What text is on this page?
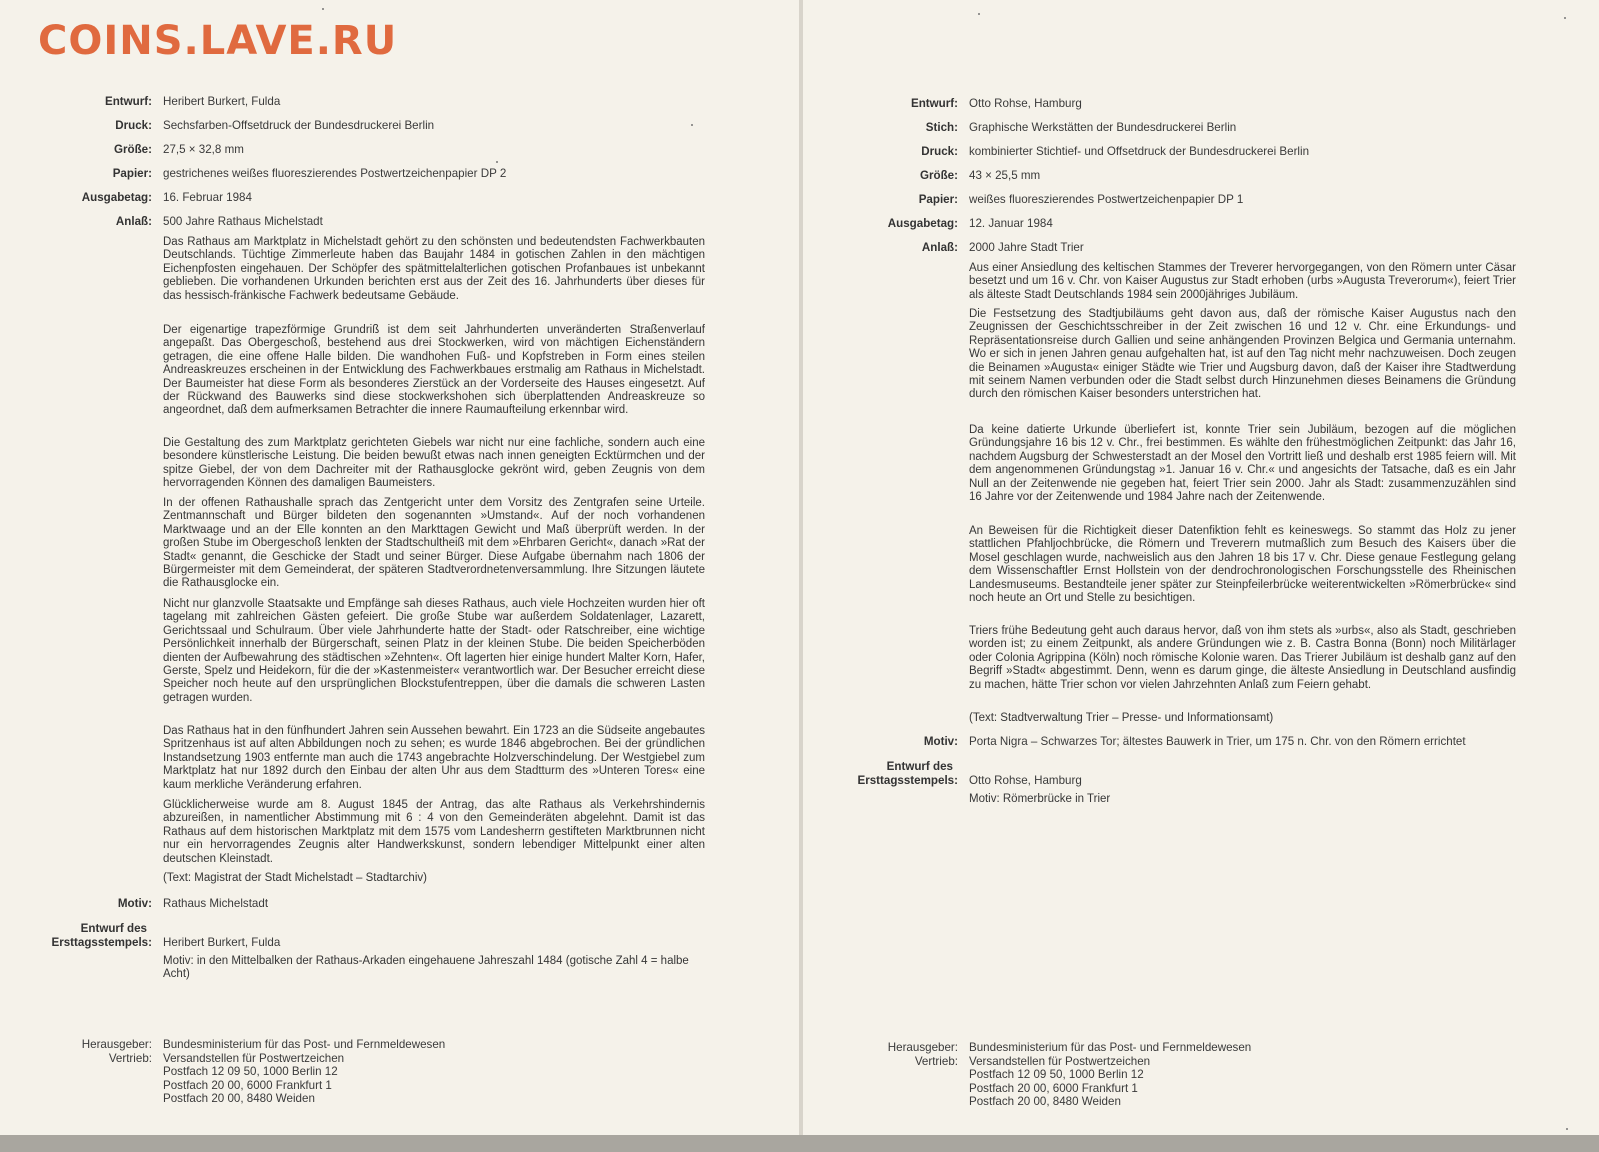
COINS.LAVE.RU
Entwurf: Heribert Burkert, Fulda
Druck: Sechsfarben-Offsetdruck der Bundesdruckerei Berlin
Größe: 27,5 × 32,8 mm
Papier: gestrichenes weißes fluoreszierendes Postwertzeichenpapier DP 2
Ausgabetag: 16. Februar 1984
Anlaß: 500 Jahre Rathaus Michelstadt
Das Rathaus am Marktplatz in Michelstadt gehört zu den schönsten und bedeutendsten Fachwerkbauten Deutschlands. Tüchtige Zimmerleute haben das Baujahr 1484 in gotischen Zahlen in den mächtigen Eichenpfosten eingehauen. Der Schöpfer des spätmittelalterlichen gotischen Profanbaues ist unbekannt geblieben. Die vorhandenen Urkunden berichten erst aus der Zeit des 16. Jahrhunderts über dieses für das hessisch-fränkische Fachwerk bedeutsame Gebäude.
Der eigenartige trapezförmige Grundriß ist dem seit Jahrhunderten unveränderten Straßenverlauf angepaßt. Das Obergeschoß, bestehend aus drei Stockwerken, wird von mächtigen Eichenständern getragen, die eine offene Halle bilden. Die wandhohen Fuß- und Kopfstreben in Form eines steilen Andreaskreuzes erscheinen in der Entwicklung des Fachwerkbaues erstmalig am Rathaus in Michelstadt. Der Baumeister hat diese Form als besonderes Zierstück an der Vorderseite des Hauses eingesetzt. Auf der Rückwand des Bauwerks sind diese stockwerkshohen sich überplattenden Andreaskreuze so angeordnet, daß dem aufmerksamen Betrachter die innere Raumaufteilung erkennbar wird.
Die Gestaltung des zum Marktplatz gerichteten Giebels war nicht nur eine fachliche, sondern auch eine besondere künstlerische Leistung. Die beiden bewußt etwas nach innen geneigten Ecktürmchen und der spitze Giebel, der von dem Dachreiter mit der Rathausglocke gekrönt wird, geben Zeugnis von dem hervorragenden Können des damaligen Baumeisters.
In der offenen Rathaushalle sprach das Zentgericht unter dem Vorsitz des Zentgrafen seine Urteile. Zentmannschaft und Bürger bildeten den sogenannten »Umstand«. Auf der noch vorhandenen Marktwaage und an der Elle konnten an den Markttagen Gewicht und Maß überprüft werden. In der großen Stube im Obergeschoß lenkten der Stadtschultheiß mit dem »Ehrbaren Gericht«, danach »Rat der Stadt« genannt, die Geschicke der Stadt und seiner Bürger. Diese Aufgabe übernahm nach 1806 der Bürgermeister mit dem Gemeinderat, der späteren Stadtverordnetenversammlung. Ihre Sitzungen läutete die Rathausglocke ein.
Nicht nur glanzvolle Staatsakte und Empfänge sah dieses Rathaus, auch viele Hochzeiten wurden hier oft tagelang mit zahlreichen Gästen gefeiert. Die große Stube war außerdem Soldatenlager, Lazarett, Gerichtssaal und Schulraum. Über viele Jahrhunderte hatte der Stadt- oder Ratschreiber, eine wichtige Persönlichkeit innerhalb der Bürgerschaft, seinen Platz in der kleinen Stube. Die beiden Speicherböden dienten der Aufbewahrung des städtischen »Zehnten«. Oft lagerten hier einige hundert Malter Korn, Hafer, Gerste, Spelz und Heidekorn, für die der »Kastenmeister« verantwortlich war. Der Besucher erreicht diese Speicher noch heute auf den ursprünglichen Blockstufentreppen, über die damals die schweren Lasten getragen wurden.
Das Rathaus hat in den fünfhundert Jahren sein Aussehen bewahrt. Ein 1723 an die Südseite angebautes Spritzenhaus ist auf alten Abbildungen noch zu sehen; es wurde 1846 abgebrochen. Bei der gründlichen Instandsetzung 1903 entfernte man auch die 1743 angebrachte Holzverschindelung. Der Westgiebel zum Marktplatz hat nur 1892 durch den Einbau der alten Uhr aus dem Stadtturm des »Unteren Tores« eine kaum merkliche Veränderung erfahren.
Glücklicherweise wurde am 8. August 1845 der Antrag, das alte Rathaus als Verkehrshindernis abzureißen, in namentlicher Abstimmung mit 6 : 4 von den Gemeinderäten abgelehnt. Damit ist das Rathaus auf dem historischen Marktplatz mit dem 1575 vom Landesherrn gestifteten Marktbrunnen nicht nur ein hervorragendes Zeugnis alter Handwerkskunst, sondern lebendiger Mittelpunkt einer alten deutschen Kleinstadt.
(Text: Magistrat der Stadt Michelstadt – Stadtarchiv)
Motiv: Rathaus Michelstadt
Entwurf des
Ersttagsstempels: Heribert Burkert, Fulda
Motiv: in den Mittelbalken der Rathaus-Arkaden eingehauene Jahreszahl 1484 (gotische Zahl 4 = halbe Acht)
Herausgeber:
Vertrieb:
Bundesministerium für das Post- und Fernmeldewesen
Versandstellen für Postwertzeichen
Postfach 12 09 50, 1000 Berlin 12
Postfach 20 00, 6000 Frankfurt 1
Postfach 20 00, 8480 Weiden
Entwurf: Otto Rohse, Hamburg
Stich: Graphische Werkstätten der Bundesdruckerei Berlin
Druck: kombinierter Stichtief- und Offsetdruck der Bundesdruckerei Berlin
Größe: 43 × 25,5 mm
Papier: weißes fluoreszierendes Postwertzeichenpapier DP 1
Ausgabetag: 12. Januar 1984
Anlaß: 2000 Jahre Stadt Trier
Aus einer Ansiedlung des keltischen Stammes der Treverer hervorgegangen, von den Römern unter Cäsar besetzt und um 16 v. Chr. von Kaiser Augustus zur Stadt erhoben (urbs »Augusta Treverorum«), feiert Trier als älteste Stadt Deutschlands 1984 sein 2000jähriges Jubiläum.
Die Festsetzung des Stadtjubiläums geht davon aus, daß der römische Kaiser Augustus nach den Zeugnissen der Geschichtsschreiber in der Zeit zwischen 16 und 12 v. Chr. eine Erkundungs- und Repräsentationsreise durch Gallien und seine anhängenden Provinzen Belgica und Germania unternahm. Wo er sich in jenen Jahren genau aufgehalten hat, ist auf den Tag nicht mehr nachzuweisen. Doch zeugen die Beinamen »Augusta« einiger Städte wie Trier und Augsburg davon, daß der Kaiser ihre Stadtwerdung mit seinem Namen verbunden oder die Stadt selbst durch Hinzunehmen dieses Beinamens die Gründung durch den römischen Kaiser besonders unterstrichen hat.
Da keine datierte Urkunde überliefert ist, konnte Trier sein Jubiläum, bezogen auf die möglichen Gründungsjahre 16 bis 12 v. Chr., frei bestimmen. Es wählte den frühestmöglichen Zeitpunkt: das Jahr 16, nachdem Augsburg der Schwesterstadt an der Mosel den Vortritt ließ und deshalb erst 1985 feiern will. Mit dem angenommenen Gründungstag »1. Januar 16 v. Chr.« und angesichts der Tatsache, daß es ein Jahr Null an der Zeitenwende nie gegeben hat, feiert Trier sein 2000. Jahr als Stadt: zusammenzuzählen sind 16 Jahre vor der Zeitenwende und 1984 Jahre nach der Zeitenwende.
An Beweisen für die Richtigkeit dieser Datenfiktion fehlt es keineswegs. So stammt das Holz zu jener stattlichen Pfahljochbrücke, die Römern und Treverern mutmaßlich zum Besuch des Kaisers über die Mosel geschlagen wurde, nachweislich aus den Jahren 18 bis 17 v. Chr. Diese genaue Festlegung gelang dem Wissenschaftler Ernst Hollstein von der dendrochronologischen Forschungsstelle des Rheinischen Landesmuseums. Bestandteile jener später zur Steinpfeilerbrücke weiterentwickelten »Römerbrücke« sind noch heute an Ort und Stelle zu besichtigen.
Triers frühe Bedeutung geht auch daraus hervor, daß von ihm stets als »urbs«, also als Stadt, geschrieben worden ist; zu einem Zeitpunkt, als andere Gründungen wie z. B. Castra Bonna (Bonn) noch Militärlager oder Colonia Agrippina (Köln) noch römische Kolonie waren. Das Trierer Jubiläum ist deshalb ganz auf den Begriff »Stadt« abgestimmt. Denn, wenn es darum ginge, die älteste Ansiedlung in Deutschland ausfindig zu machen, hätte Trier schon vor vielen Jahrzehnten Anlaß zum Feiern gehabt.
(Text: Stadtverwaltung Trier – Presse- und Informationsamt)
Motiv: Porta Nigra – Schwarzes Tor; ältestes Bauwerk in Trier, um 175 n. Chr. von den Römern errichtet
Entwurf des
Ersttagsstempels: Otto Rohse, Hamburg
Motiv: Römerbrücke in Trier
Herausgeber:
Vertrieb:
Bundesministerium für das Post- und Fernmeldewesen
Versandstellen für Postwertzeichen
Postfach 12 09 50, 1000 Berlin 12
Postfach 20 00, 6000 Frankfurt 1
Postfach 20 00, 8480 Weiden
